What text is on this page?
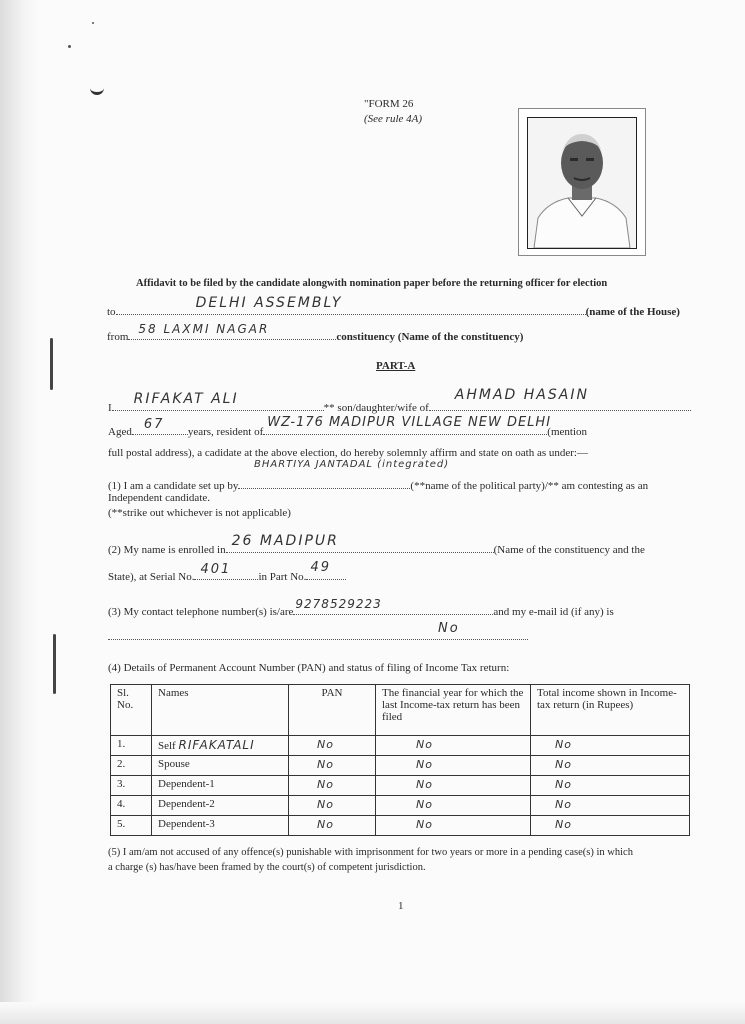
"FORM 26
(See rule 4A)
Affidavit to be filed by the candidate alongwith nomination paper before the returning officer for election
to
DELHI ASSEMBLY
(name of the House)
from
58 LAXMI NAGAR
constituency (Name of the constituency)
PART-A
I
RIFAKAT ALI
** son/daughter/wife of
AHMAD HASAIN
Aged 67 years, resident of
WZ-176 MADIPUR VILLAGE NEW DELHI
(mention
full postal address), a cadidate at the above election, do hereby solemnly affirm and state on oath as under:—
BHARTIYA JANTADAL (integrated)
(1) I am a candidate set up by	(**name of the political party)/** am contesting as an
Independent candidate.
(**strike out whichever is not applicable)
(2) My name is enrolled in
26 MADIPUR
(Name of the constituency and the
State), at Serial No. 401 in Part No.
49
(3) My contact telephone number(s) is/are
9278529223
and my e-mail id (if any) is
No
(4) Details of Permanent Account Number (PAN) and status of filing of Income Tax return:
Sl. No.	Names	PAN	The financial year for which the last Income-tax return has been filed	Total income shown in Income-tax return (in Rupees)
1.	Self RIFAKATALI	No	No	No
2.	Spouse	No	No	No
3.	Dependent-1	No	No	No
4.	Dependent-2	No	No	No
5.	Dependent-3	No	No	No
(5) I am/am not accused of any offence(s) punishable with imprisonment for two years or more in a pending case(s) in which
a charge (s) has/have been framed by the court(s) of competent jurisdiction.
1
